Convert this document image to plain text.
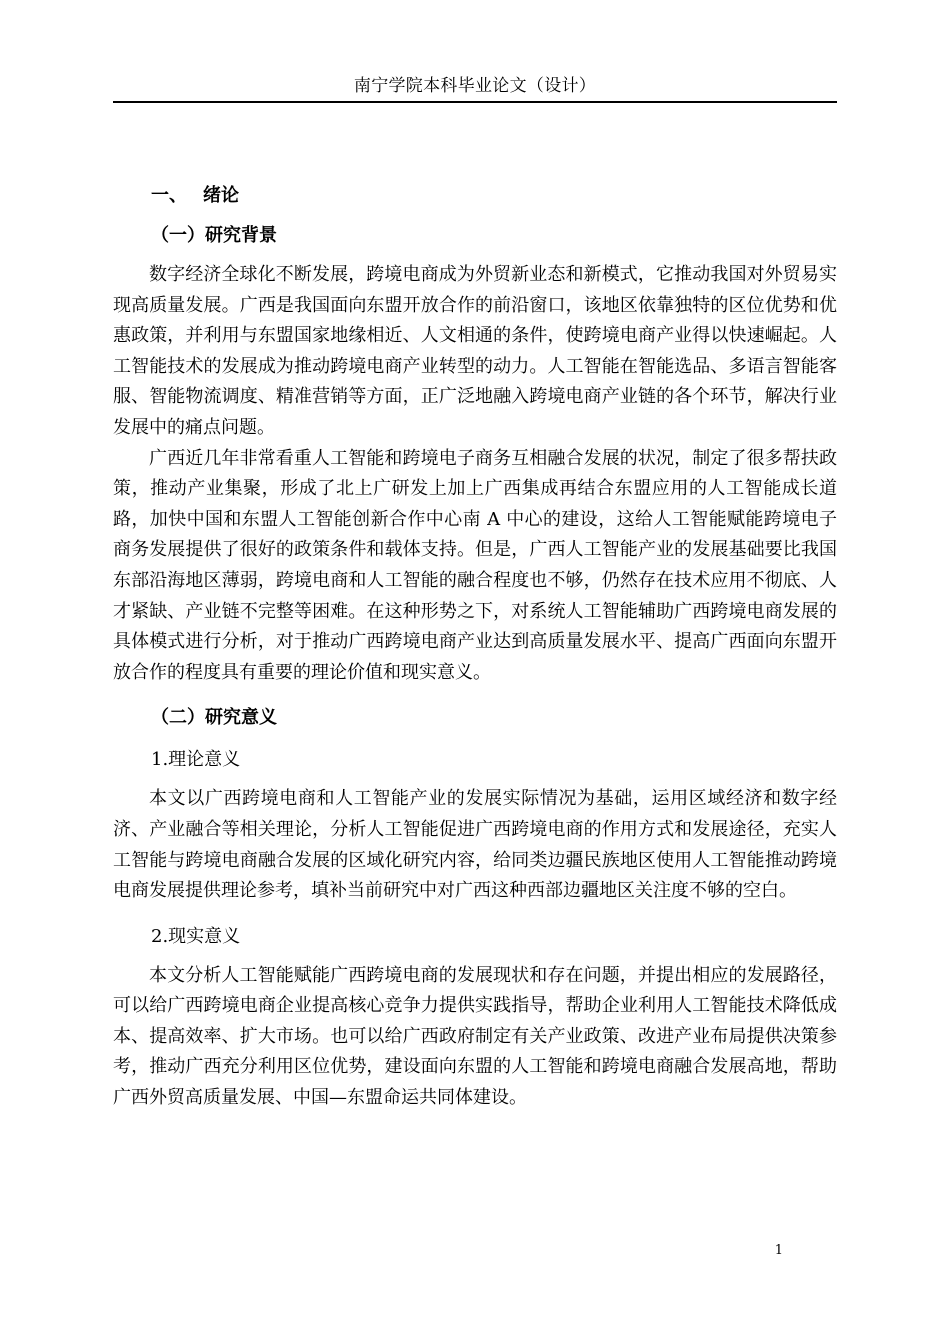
南宁学院本科毕业论文（设计）
一、 绪论
（一）研究背景

数字经济全球化不断发展，跨境电商成为外贸新业态和新模式，它推动我国对外贸易实现高质量发展。广西是我国面向东盟开放合作的前沿窗口，该地区依靠独特的区位优势和优惠政策，并利用与东盟国家地缘相近、人文相通的条件，使跨境电商产业得以快速崛起。人工智能技术的发展成为推动跨境电商产业转型的动力。人工智能在智能选品、多语言智能客服、智能物流调度、精准营销等方面，正广泛地融入跨境电商产业链的各个环节，解决行业发展中的痛点问题。

广西近几年非常看重人工智能和跨境电子商务互相融合发展的状况，制定了很多帮扶政策，推动产业集聚，形成了北上广研发上加上广西集成再结合东盟应用的人工智能成长道路，加快中国和东盟人工智能创新合作中心南 A 中心的建设，这给人工智能赋能跨境电子商务发展提供了很好的政策条件和载体支持。但是，广西人工智能产业的发展基础要比我国东部沿海地区薄弱，跨境电商和人工智能的融合程度也不够，仍然存在技术应用不彻底、人才紧缺、产业链不完整等困难。在这种形势之下，对系统人工智能辅助广西跨境电商发展的具体模式进行分析，对于推动广西跨境电商产业达到高质量发展水平、提高广西面向东盟开放合作的程度具有重要的理论价值和现实意义。

（二）研究意义
1.理论意义

本文以广西跨境电商和人工智能产业的发展实际情况为基础，运用区域经济和数字经济、产业融合等相关理论，分析人工智能促进广西跨境电商的作用方式和发展途径，充实人工智能与跨境电商融合发展的区域化研究内容，给同类边疆民族地区使用人工智能推动跨境电商发展提供理论参考，填补当前研究中对广西这种西部边疆地区关注度不够的空白。

2.现实意义

本文分析人工智能赋能广西跨境电商的发展现状和存在问题，并提出相应的发展路径，可以给广西跨境电商企业提高核心竞争力提供实践指导，帮助企业利用人工智能技术降低成本、提高效率、扩大市场。也可以给广西政府制定有关产业政策、改进产业布局提供决策参考，推动广西充分利用区位优势，建设面向东盟的人工智能和跨境电商融合发展高地，帮助广西外贸高质量发展、中国—东盟命运共同体建设。

1
